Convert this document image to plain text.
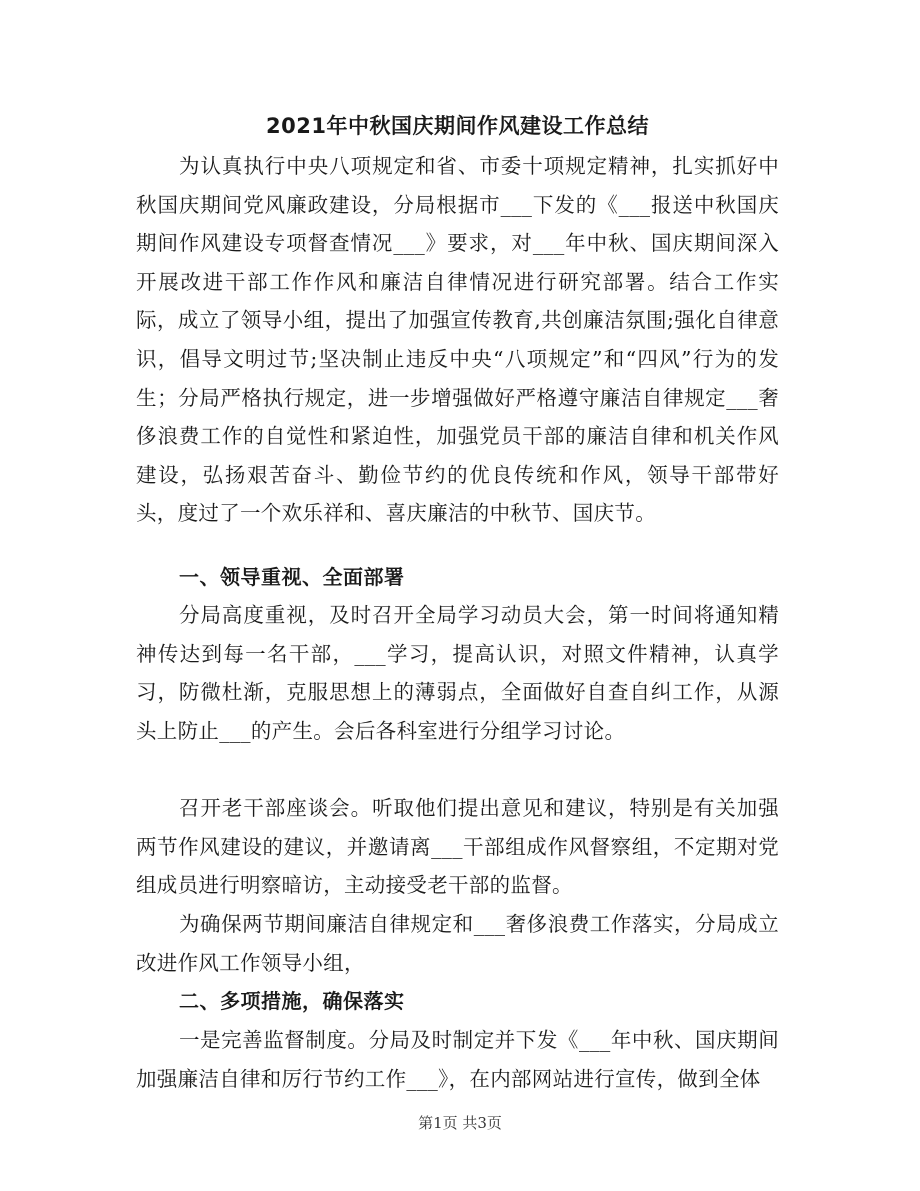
2021年中秋国庆期间作风建设工作总结

为认真执行中央八项规定和省、市委十项规定精神，扎实抓好中秋国庆期间党风廉政建设，分局根据市___下发的《___报送中秋国庆期间作风建设专项督查情况___》要求，对___年中秋、国庆期间深入开展改进干部工作作风和廉洁自律情况进行研究部署。结合工作实际，成立了领导小组，提出了加强宣传教育,共创廉洁氛围;强化自律意识，倡导文明过节;坚决制止违反中央“八项规定”和“四风”行为的发生；分局严格执行规定，进一步增强做好严格遵守廉洁自律规定___奢侈浪费工作的自觉性和紧迫性，加强党员干部的廉洁自律和机关作风建设，弘扬艰苦奋斗、勤俭节约的优良传统和作风，领导干部带好头，度过了一个欢乐祥和、喜庆廉洁的中秋节、国庆节。

一、领导重视、全面部署

分局高度重视，及时召开全局学习动员大会，第一时间将通知精神传达到每一名干部，___学习，提高认识，对照文件精神，认真学习，防微杜渐，克服思想上的薄弱点，全面做好自查自纠工作，从源头上防止___的产生。会后各科室进行分组学习讨论。

召开老干部座谈会。听取他们提出意见和建议，特别是有关加强两节作风建设的建议，并邀请离___干部组成作风督察组，不定期对党组成员进行明察暗访，主动接受老干部的监督。

为确保两节期间廉洁自律规定和___奢侈浪费工作落实，分局成立改进作风工作领导小组，

二、多项措施，确保落实

一是完善监督制度。分局及时制定并下发《___年中秋、国庆期间加强廉洁自律和厉行节约工作___》，在内部网站进行宣传，做到全体

第1页 共3页
